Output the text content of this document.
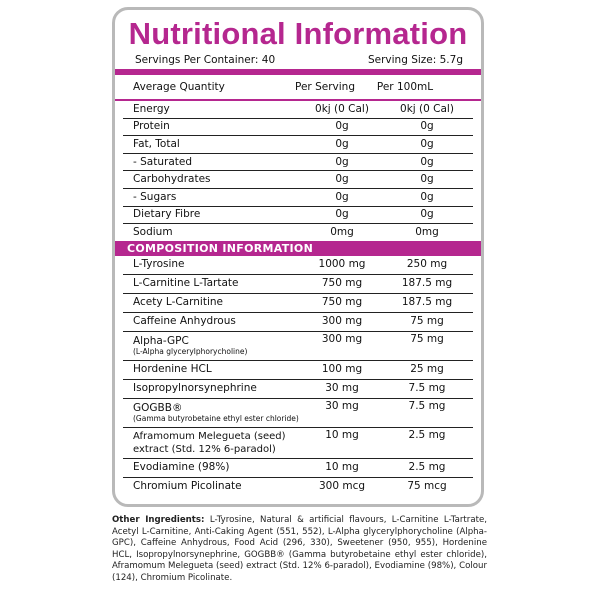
Nutritional Information
Servings Per Container: 40	Serving Size: 5.7g
Average Quantity	Per Serving	Per 100mL
Energy	0kj (0 Cal)	0kj (0 Cal)
Protein	0g	0g
Fat, Total	0g	0g
- Saturated	0g	0g
Carbohydrates	0g	0g
- Sugars	0g	0g
Dietary Fibre	0g	0g
Sodium	0mg	0mg
COMPOSITION INFORMATION
L-Tyrosine	1000 mg	250 mg
L-Carnitine L-Tartate	750 mg	187.5 mg
Acety L-Carnitine	750 mg	187.5 mg
Caffeine Anhydrous	300 mg	75 mg
Alpha-GPC
(L-Alpha glycerylphorycholine)	300 mg	75 mg
Hordenine HCL	100 mg	25 mg
Isopropylnorsynephrine	30 mg	7.5 mg
GOGBB®
(Gamma butyrobetaine ethyl ester chloride)	30 mg	7.5 mg
Aframomum Melegueta (seed) extract (Std. 12% 6-paradol)	10 mg	2.5 mg
Evodiamine (98%)	10 mg	2.5 mg
Chromium Picolinate	300 mcg	75 mcg
Other Ingredients: L-Tyrosine, Natural & artificial flavours, L-Carnitine L-Tartrate, Acetyl L-Carnitine, Anti-Caking Agent (551, 552), L-Alpha glycerylphorycholine (Alpha-GPC), Caffeine Anhydrous, Food Acid (296, 330), Sweetener (950, 955), Hordenine HCL, Isopropylnorsynephrine, GOGBB® (Gamma butyrobetaine ethyl ester chloride), Aframomum Melegueta (seed) extract (Std. 12% 6-paradol), Evodiamine (98%), Colour (124), Chromium Picolinate.
